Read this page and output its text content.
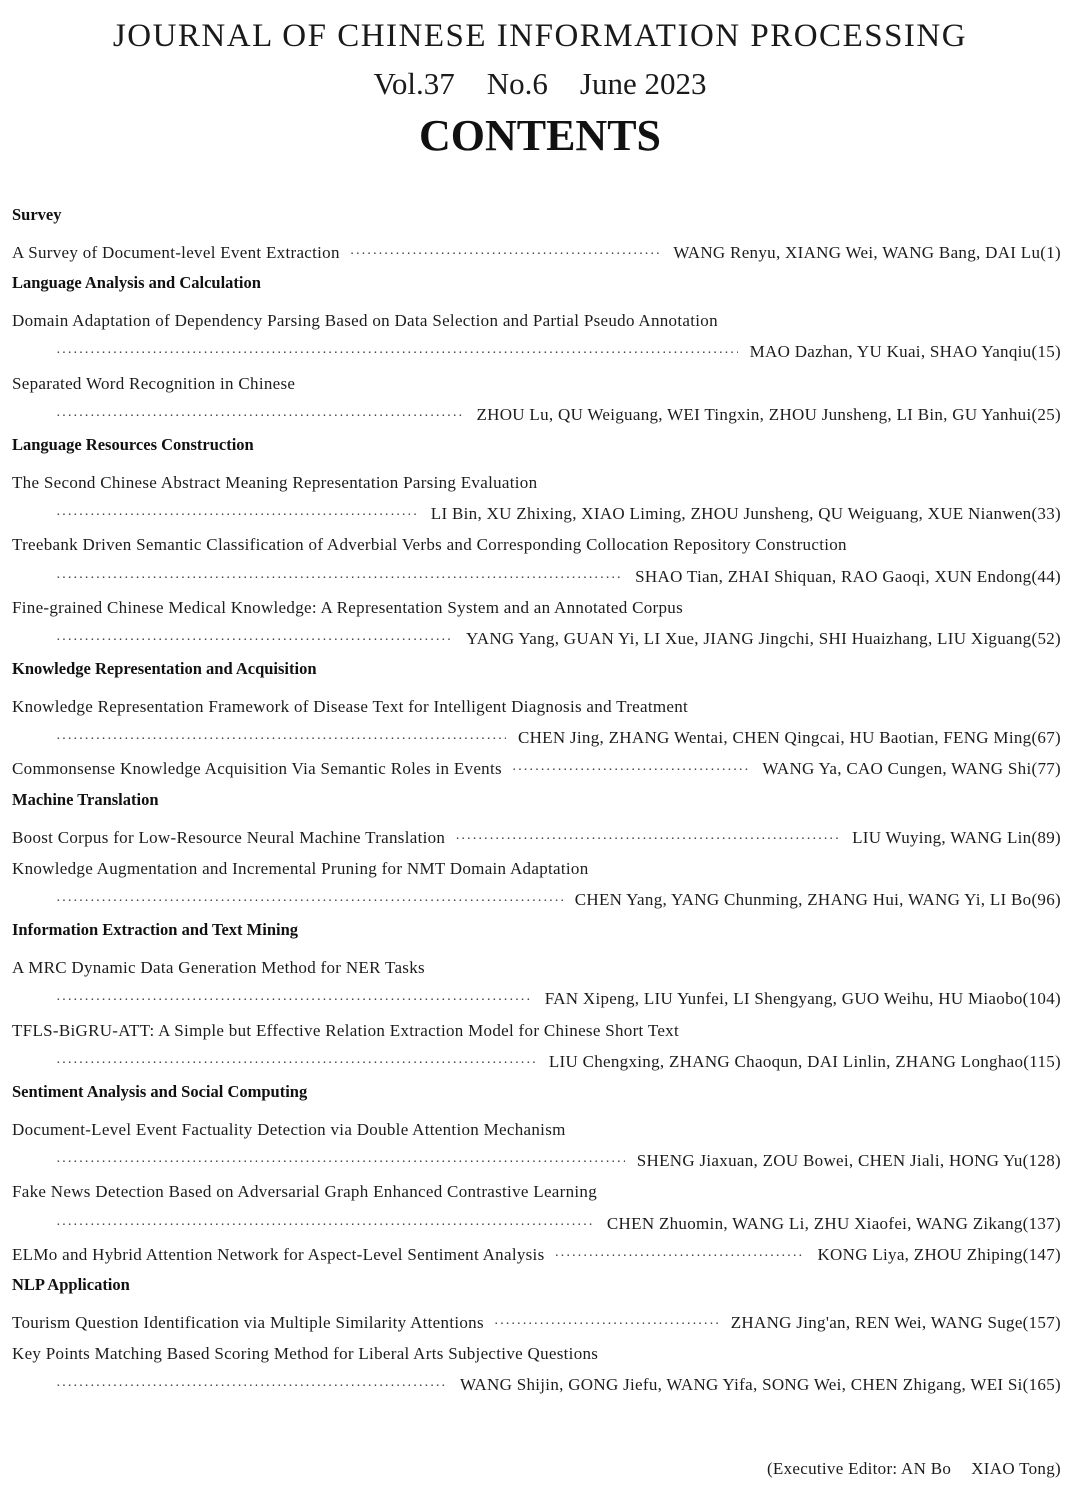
JOURNAL OF CHINESE INFORMATION PROCESSING
Vol.37 No.6 June 2023
CONTENTS
Survey
A Survey of Document-level Event Extraction ·····	WANG Renyu, XIANG Wei, WANG Bang, DAI Lu(1)
Language Analysis and Calculation
Domain Adaptation of Dependency Parsing Based on Data Selection and Partial Pseudo Annotation
·····
MAO Dazhan, YU Kuai, SHAO Yanqiu(15)
Separated Word Recognition in Chinese
·····
ZHOU Lu, QU Weiguang, WEI Tingxin, ZHOU Junsheng, LI Bin, GU Yanhui(25)
Language Resources Construction
The Second Chinese Abstract Meaning Representation Parsing Evaluation
·····
LI Bin, XU Zhixing, XIAO Liming, ZHOU Junsheng, QU Weiguang, XUE Nianwen(33)
Treebank Driven Semantic Classification of Adverbial Verbs and Corresponding Collocation Repository Construction
·····
SHAO Tian, ZHAI Shiquan, RAO Gaoqi, XUN Endong(44)
Fine-grained Chinese Medical Knowledge: A Representation System and an Annotated Corpus
·····
YANG Yang, GUAN Yi, LI Xue, JIANG Jingchi, SHI Huaizhang, LIU Xiguang(52)
Knowledge Representation and Acquisition
Knowledge Representation Framework of Disease Text for Intelligent Diagnosis and Treatment
·····
CHEN Jing, ZHANG Wentai, CHEN Qingcai, HU Baotian, FENG Ming(67)
Commonsense Knowledge Acquisition Via Semantic Roles in Events ·····	WANG Ya, CAO Cungen, WANG Shi(77)
Machine Translation
Boost Corpus for Low-Resource Neural Machine Translation ·····	LIU Wuying, WANG Lin(89)
Knowledge Augmentation and Incremental Pruning for NMT Domain Adaptation
·····
CHEN Yang, YANG Chunming, ZHANG Hui, WANG Yi, LI Bo(96)
Information Extraction and Text Mining
A MRC Dynamic Data Generation Method for NER Tasks
·····
FAN Xipeng, LIU Yunfei, LI Shengyang, GUO Weihu, HU Miaobo(104)
TFLS-BiGRU-ATT: A Simple but Effective Relation Extraction Model for Chinese Short Text
·····
LIU Chengxing, ZHANG Chaoqun, DAI Linlin, ZHANG Longhao(115)
Sentiment Analysis and Social Computing
Document-Level Event Factuality Detection via Double Attention Mechanism
·····
SHENG Jiaxuan, ZOU Bowei, CHEN Jiali, HONG Yu(128)
Fake News Detection Based on Adversarial Graph Enhanced Contrastive Learning
·····
CHEN Zhuomin, WANG Li, ZHU Xiaofei, WANG Zikang(137)
ELMo and Hybrid Attention Network for Aspect-Level Sentiment Analysis ·····	KONG Liya, ZHOU Zhiping(147)
NLP Application
Tourism Question Identification via Multiple Similarity Attentions ·····	ZHANG Jing'an, REN Wei, WANG Suge(157)
Key Points Matching Based Scoring Method for Liberal Arts Subjective Questions
·····
WANG Shijin, GONG Jiefu, WANG Yifa, SONG Wei, CHEN Zhigang, WEI Si(165)
(Executive Editor: AN Bo XIAO Tong)
